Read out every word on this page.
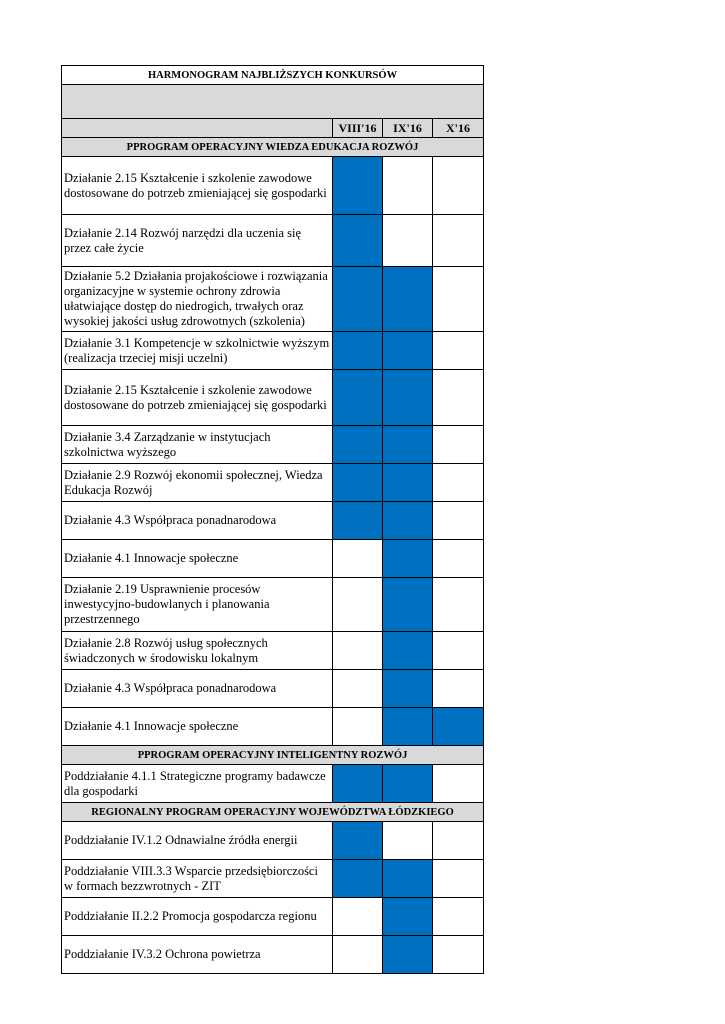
HARMONOGRAM NAJBLIŻSZYCH KONKURSÓW			

	VIII'16	IX'16	X'16
PPROGRAM OPERACYJNY WIEDZA EDUKACJA ROZWÓJ			
Działanie 2.15 Kształcenie i szkolenie zawodowe dostosowane do potrzeb zmieniającej się gospodarki			
Działanie 2.14 Rozwój narzędzi dla uczenia się przez całe życie			
Działanie 5.2 Działania projakościowe i rozwiązania organizacyjne w systemie ochrony zdrowia ułatwiające dostęp do niedrogich, trwałych oraz wysokiej jakości usług zdrowotnych (szkolenia)			
Działanie 3.1 Kompetencje w szkolnictwie wyższym (realizacja trzeciej misji uczelni)			
Działanie 2.15 Kształcenie i szkolenie zawodowe dostosowane do potrzeb zmieniającej się gospodarki			
Działanie 3.4 Zarządzanie w instytucjach szkolnictwa wyższego			
Działanie 2.9 Rozwój ekonomii społecznej, Wiedza Edukacja Rozwój			
Działanie 4.3 Współpraca ponadnarodowa			
Działanie 4.1 Innowacje społeczne			
Działanie 2.19 Usprawnienie procesów inwestycyjno-budowlanych i planowania przestrzennego			
Działanie 2.8 Rozwój usług społecznych świadczonych w środowisku lokalnym			
Działanie 4.3 Współpraca ponadnarodowa			
Działanie 4.1 Innowacje społeczne			
PPROGRAM OPERACYJNY INTELIGENTNY ROZWÓJ			
Poddziałanie 4.1.1 Strategiczne programy badawcze dla gospodarki			
REGIONALNY PROGRAM OPERACYJNY WOJEWÓDZTWA ŁÓDZKIEGO			
Poddziałanie IV.1.2 Odnawialne źródła energii			
Poddziałanie VIII.3.3 Wsparcie przedsiębiorczości w formach bezzwrotnych - ZIT			
Poddziałanie II.2.2 Promocja gospodarcza regionu			
Poddziałanie IV.3.2 Ochrona powietrza			
